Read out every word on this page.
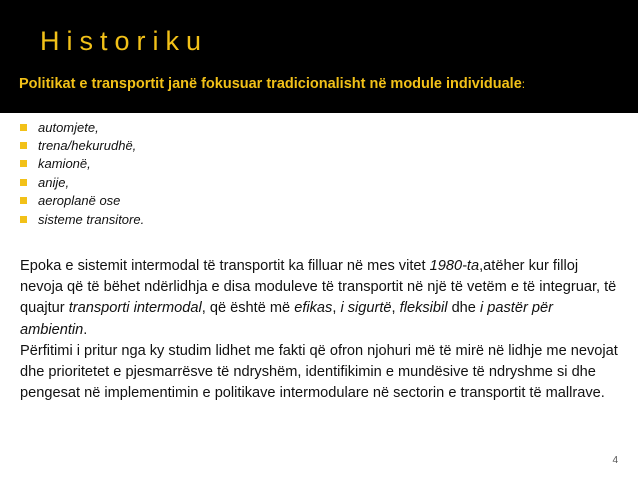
Historiku

Politikat e transportit janë fokusuar tradicionalisht në module individuale:

automjete,
trena/hekurudhë,
kamionë,
anije,
aeroplanë ose
sisteme transitore.

Epoka e sistemit intermodal të transportit ka filluar në mes vitet 1980-ta,atëher kur filloj nevoja që të bëhet ndërlidhja e disa moduleve të transportit në një të vetëm e të integruar, të quajtur transporti intermodal, që është më efikas, i sigurtë, fleksibil dhe i pastër për ambientin.
Përfitimi i pritur nga ky studim lidhet me fakti që ofron njohuri më të mirë në lidhje me nevojat dhe prioritetet e pjesmarrësve të ndryshëm, identifikimin e mundësive të ndryshme si dhe pengesat në implementimin e politikave intermodulare në sectorin e transportit të mallrave.

4
